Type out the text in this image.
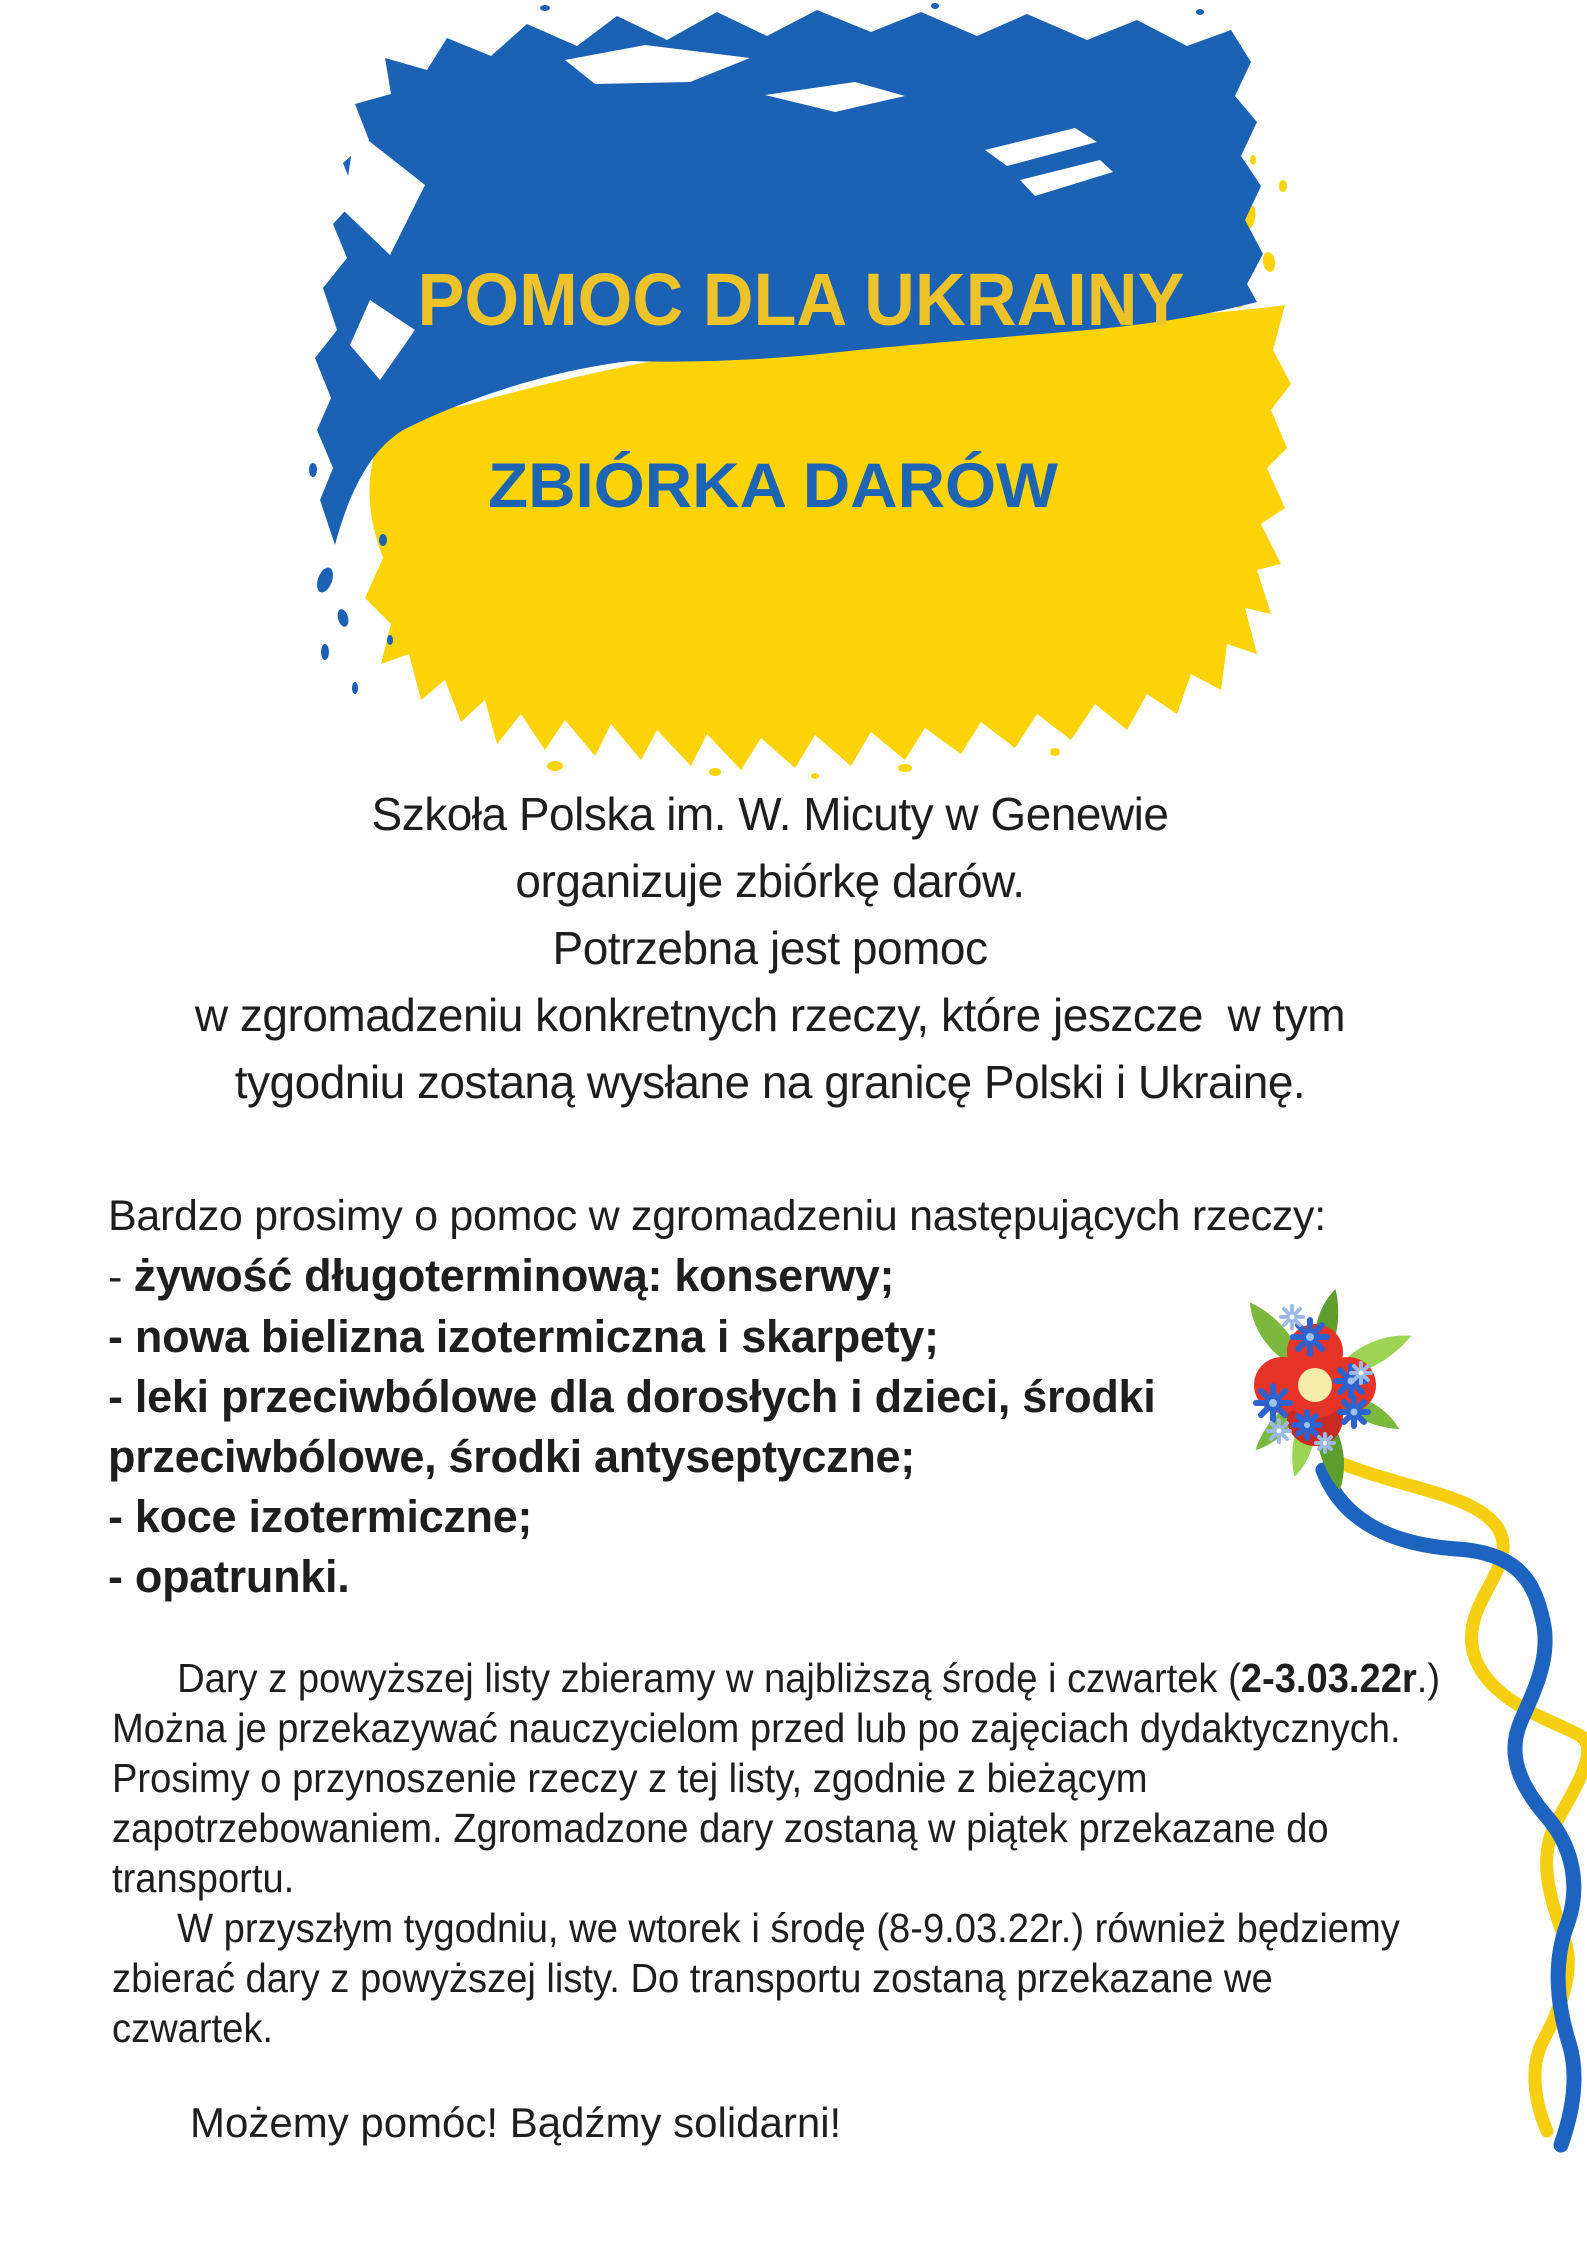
POMOC DLA UKRAINY
ZBIÓRKA DARÓW
Szkoła Polska im. W. Micuty w Genewie
organizuje zbiórkę darów.
Potrzebna jest pomoc
w zgromadzeniu konkretnych rzeczy, które jeszcze  w tym
tygodniu zostaną wysłane na granicę Polski i Ukrainę.
Bardzo prosimy o pomoc w zgromadzeniu następujących rzeczy:
- żywość długoterminową: konserwy;
- nowa bielizna izotermiczna i skarpety;
- leki przeciwbólowe dla dorosłych i dzieci, środki
przeciwbólowe, środki antyseptyczne;
- koce izotermiczne;
- opatrunki.
Dary z powyższej listy zbieramy w najbliższą środę i czwartek (2-3.03.22r.)
Można je przekazywać nauczycielom przed lub po zajęciach dydaktycznych.
Prosimy o przynoszenie rzeczy z tej listy, zgodnie z bieżącym
zapotrzebowaniem. Zgromadzone dary zostaną w piątek przekazane do
transportu.
W przyszłym tygodniu, we wtorek i środę (8-9.03.22r.) również będziemy
zbierać dary z powyższej listy. Do transportu zostaną przekazane we
czwartek.
Możemy pomóc! Bądźmy solidarni!
